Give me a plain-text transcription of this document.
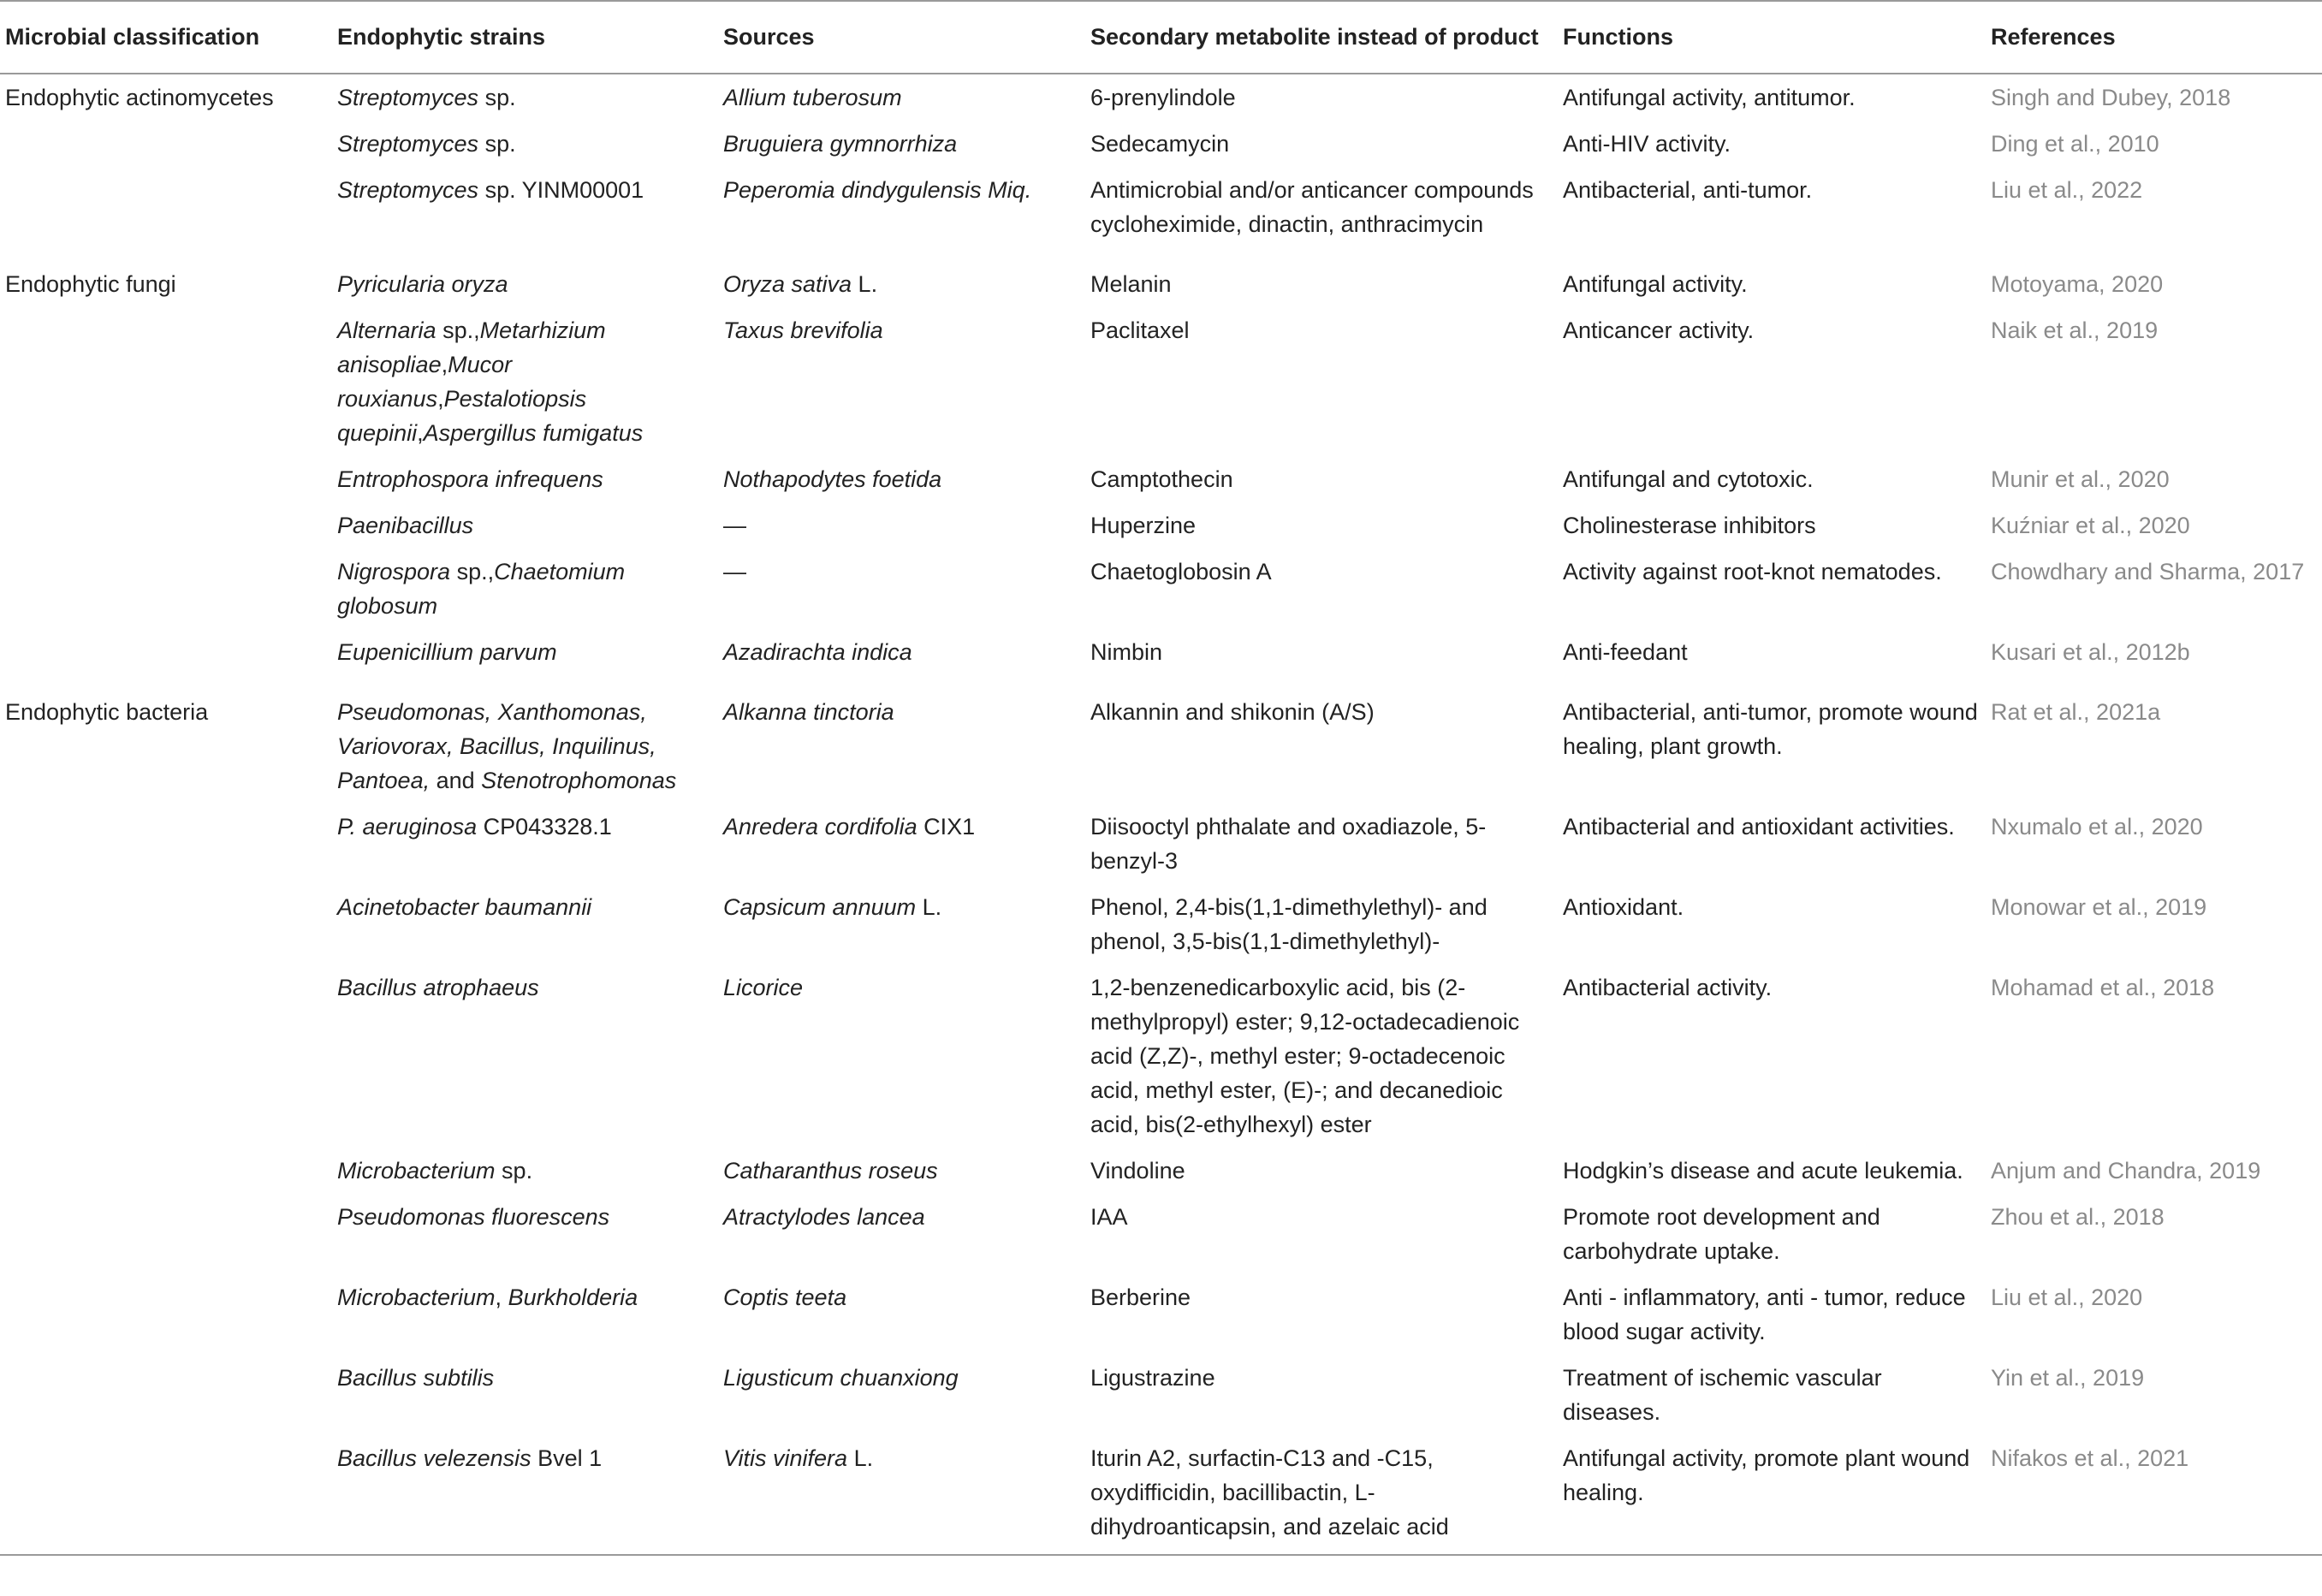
Microbial classification	Endophytic strains	Sources	Secondary metabolite instead of product	Functions	References
Endophytic actinomycetes	Streptomyces sp.	Allium tuberosum	6-prenylindole	Antifungal activity, antitumor.	Singh and Dubey, 2018
	Streptomyces sp.	Bruguiera gymnorrhiza	Sedecamycin	Anti-HIV activity.	Ding et al., 2010
	Streptomyces sp. YINM00001	Peperomia dindygulensis Miq.	Antimicrobial and/or anticancer compounds cycloheximide, dinactin, anthracimycin	Antibacterial, anti-tumor.	Liu et al., 2022
Endophytic fungi	Pyricularia oryza	Oryza sativa L.	Melanin	Antifungal activity.	Motoyama, 2020
	Alternaria sp.,Metarhizium anisopliae,Mucor rouxianus,Pestalotiopsis quepinii,Aspergillus fumigatus	Taxus brevifolia	Paclitaxel	Anticancer activity.	Naik et al., 2019
	Entrophospora infrequens	Nothapodytes foetida	Camptothecin	Antifungal and cytotoxic.	Munir et al., 2020
	Paenibacillus	—	Huperzine	Cholinesterase inhibitors	Kuźniar et al., 2020
	Nigrospora sp.,Chaetomium globosum	—	Chaetoglobosin A	Activity against root-knot nematodes.	Chowdhary and Sharma, 2017
	Eupenicillium parvum	Azadirachta indica	Nimbin	Anti-feedant	Kusari et al., 2012b
Endophytic bacteria	Pseudomonas, Xanthomonas, Variovorax, Bacillus, Inquilinus, Pantoea, and Stenotrophomonas	Alkanna tinctoria	Alkannin and shikonin (A/S)	Antibacterial, anti-tumor, promote wound healing, plant growth.	Rat et al., 2021a
	P. aeruginosa CP043328.1	Anredera cordifolia CIX1	Diisooctyl phthalate and oxadiazole, 5-benzyl-3	Antibacterial and antioxidant activities.	Nxumalo et al., 2020
	Acinetobacter baumannii	Capsicum annuum L.	Phenol, 2,4-bis(1,1-dimethylethyl)- and phenol, 3,5-bis(1,1-dimethylethyl)-	Antioxidant.	Monowar et al., 2019
	Bacillus atrophaeus	Licorice	1,2-benzenedicarboxylic acid, bis (2-methylpropyl) ester; 9,12-octadecadienoic acid (Z,Z)-, methyl ester; 9-octadecenoic acid, methyl ester, (E)-; and decanedioic acid, bis(2-ethylhexyl) ester	Antibacterial activity.	Mohamad et al., 2018
	Microbacterium sp.	Catharanthus roseus	Vindoline	Hodgkin’s disease and acute leukemia.	Anjum and Chandra, 2019
	Pseudomonas fluorescens	Atractylodes lancea	IAA	Promote root development and carbohydrate uptake.	Zhou et al., 2018
	Microbacterium, Burkholderia	Coptis teeta	Berberine	Anti - inflammatory, anti - tumor, reduce blood sugar activity.	Liu et al., 2020
	Bacillus subtilis	Ligusticum chuanxiong	Ligustrazine	Treatment of ischemic vascular diseases.	Yin et al., 2019
	Bacillus velezensis Bvel 1	Vitis vinifera L.	Iturin A2, surfactin-C13 and -C15, oxydifficidin, bacillibactin, L-dihydroanticapsin, and azelaic acid	Antifungal activity, promote plant wound healing.	Nifakos et al., 2021
